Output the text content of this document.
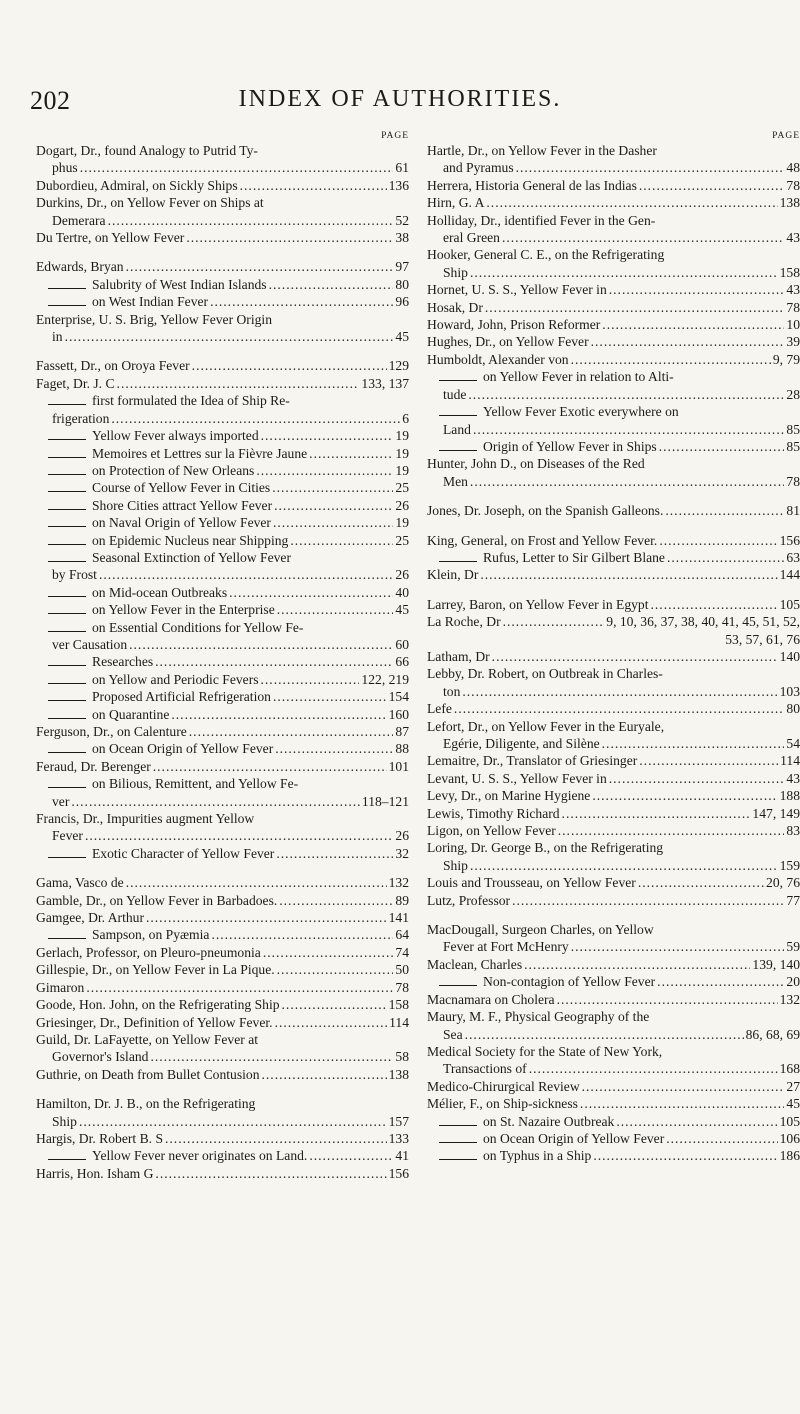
202	INDEX OF AUTHORITIES.
PAGE
Dogart, Dr., found Analogy to Putrid Ty-
phus . . .	61
Dubordieu, Admiral, on Sickly Ships . . .	136
Durkins, Dr., on Yellow Fever on Ships at
Demerara . . .	52
Du Tertre, on Yellow Fever . . .	38
Edwards, Bryan . . .	97
Salubrity of West Indian Islands . . .	80
on West Indian Fever . . .	96
Enterprise, U. S. Brig, Yellow Fever Origin
in . . .	45
Fassett, Dr., on Oroya Fever . . .	129
Faget, Dr. J. C . . .	133, 137
first formulated the Idea of Ship Re-
frigeration . . .	6
Yellow Fever always imported . . .	19
Memoires et Lettres sur la Fièvre Jaune . . .	19
on Protection of New Orleans . . .	19
Course of Yellow Fever in Cities . . .	25
Shore Cities attract Yellow Fever . . .	26
on Naval Origin of Yellow Fever . . .	19
on Epidemic Nucleus near Shipping . . .	25
Seasonal Extinction of Yellow Fever
by Frost . . .	26
on Mid-ocean Outbreaks . . .	40
on Yellow Fever in the Enterprise . . .	45
on Essential Conditions for Yellow Fe-
ver Causation . . .	60
Researches . . .	66
on Yellow and Periodic Fevers . . .	122, 219
Proposed Artificial Refrigeration . . .	154
on Quarantine . . .	160
Ferguson, Dr., on Calenture . . .	87
on Ocean Origin of Yellow Fever . . .	88
Feraud, Dr. Berenger . . .	101
on Bilious, Remittent, and Yellow Fe-
ver . . .	118–121
Francis, Dr., Impurities augment Yellow
Fever . . .	26
Exotic Character of Yellow Fever . . .	32
Gama, Vasco de . . .	132
Gamble, Dr., on Yellow Fever in Barbadoes. . . .	89
Gamgee, Dr. Arthur . . .	141
Sampson, on Pyæmia . . .	64
Gerlach, Professor, on Pleuro-pneumonia . . .	74
Gillespie, Dr., on Yellow Fever in La Pique. . . .	50
Gimaron . . .	78
Goode, Hon. John, on the Refrigerating Ship . . .	158
Griesinger, Dr., Definition of Yellow Fever. . . .	114
Guild, Dr. LaFayette, on Yellow Fever at
Governor's Island . . .	58
Guthrie, on Death from Bullet Contusion . . .	138
Hamilton, Dr. J. B., on the Refrigerating
Ship . . .	157
Hargis, Dr. Robert B. S . . .	133
Yellow Fever never originates on Land. . . .	41
Harris, Hon. Isham G . . .	156
PAGE
Hartle, Dr., on Yellow Fever in the Dasher
and Pyramus . . .	48
Herrera, Historia General de las Indias . . .	78
Hirn, G. A . . .	138
Holliday, Dr., identified Fever in the Gen-
eral Green . . .	43
Hooker, General C. E., on the Refrigerating
Ship . . .	158
Hornet, U. S. S., Yellow Fever in . . .	43
Hosak, Dr . . .	78
Howard, John, Prison Reformer . . .	10
Hughes, Dr., on Yellow Fever . . .	39
Humboldt, Alexander von . . .	9, 79
on Yellow Fever in relation to Alti-
tude . . .	28
Yellow Fever Exotic everywhere on
Land . . .	85
Origin of Yellow Fever in Ships . . .	85
Hunter, John D., on Diseases of the Red
Men . . .	78
Jones, Dr. Joseph, on the Spanish Galleons. . . .	81
King, General, on Frost and Yellow Fever. . . .	156
Rufus, Letter to Sir Gilbert Blane . . .	63
Klein, Dr . . .	144
Larrey, Baron, on Yellow Fever in Egypt . . .	105
La Roche, Dr . . .	9, 10, 36, 37, 38, 40, 41, 45, 51, 52,
53, 57, 61, 76
Latham, Dr . . .	140
Lebby, Dr. Robert, on Outbreak in Charles-
ton . . .	103
Lefe . . .	80
Lefort, Dr., on Yellow Fever in the Euryale,
Egérie, Diligente, and Silène . . .	54
Lemaitre, Dr., Translator of Griesinger . . .	114
Levant, U. S. S., Yellow Fever in . . .	43
Levy, Dr., on Marine Hygiene . . .	188
Lewis, Timothy Richard . . .	147, 149
Ligon, on Yellow Fever . . .	83
Loring, Dr. George B., on the Refrigerating
Ship . . .	159
Louis and Trousseau, on Yellow Fever . . .	20, 76
Lutz, Professor . . .	77
MacDougall, Surgeon Charles, on Yellow
Fever at Fort McHenry . . .	59
Maclean, Charles . . .	139, 140
Non-contagion of Yellow Fever . . .	20
Macnamara on Cholera . . .	132
Maury, M. F., Physical Geography of the
Sea . . .	86, 68, 69
Medical Society for the State of New York,
Transactions of . . .	168
Medico-Chirurgical Review . . .	27
Mélier, F., on Ship-sickness . . .	45
on St. Nazaire Outbreak . . .	105
on Ocean Origin of Yellow Fever . . .	106
on Typhus in a Ship . . .	186
